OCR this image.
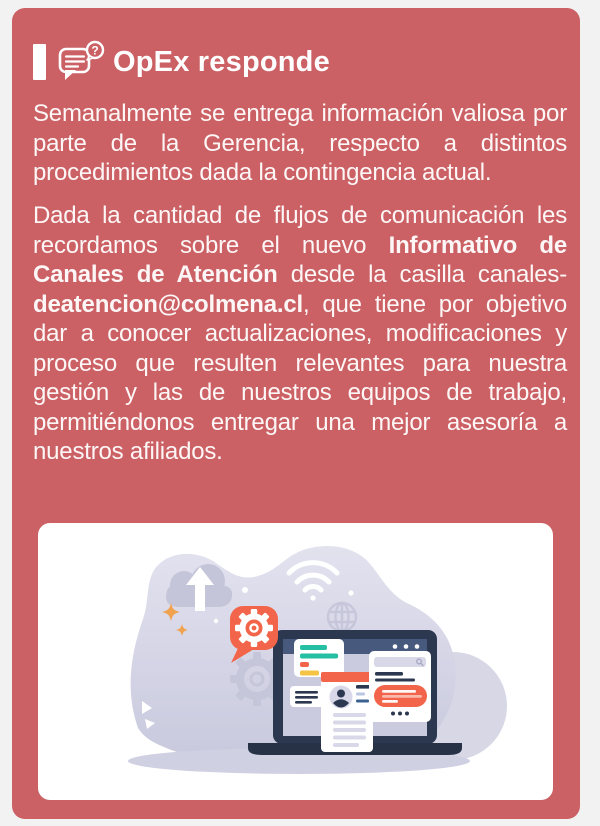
? OpEx responde

Semanalmente se entrega información valiosa por parte de la Gerencia, respecto a distintos procedimientos dada la contingencia actual.

Dada la cantidad de flujos de comunicación les recordamos sobre el nuevo Informativo de Canales de Atención desde la casilla canales-deatencion@colmena.cl, que tiene por objetivo dar a conocer actualizaciones, modificaciones y proceso que resulten relevantes para nuestra gestión y las de nuestros equipos de trabajo, permitiéndonos entregar una mejor asesoría a nuestros afiliados.
